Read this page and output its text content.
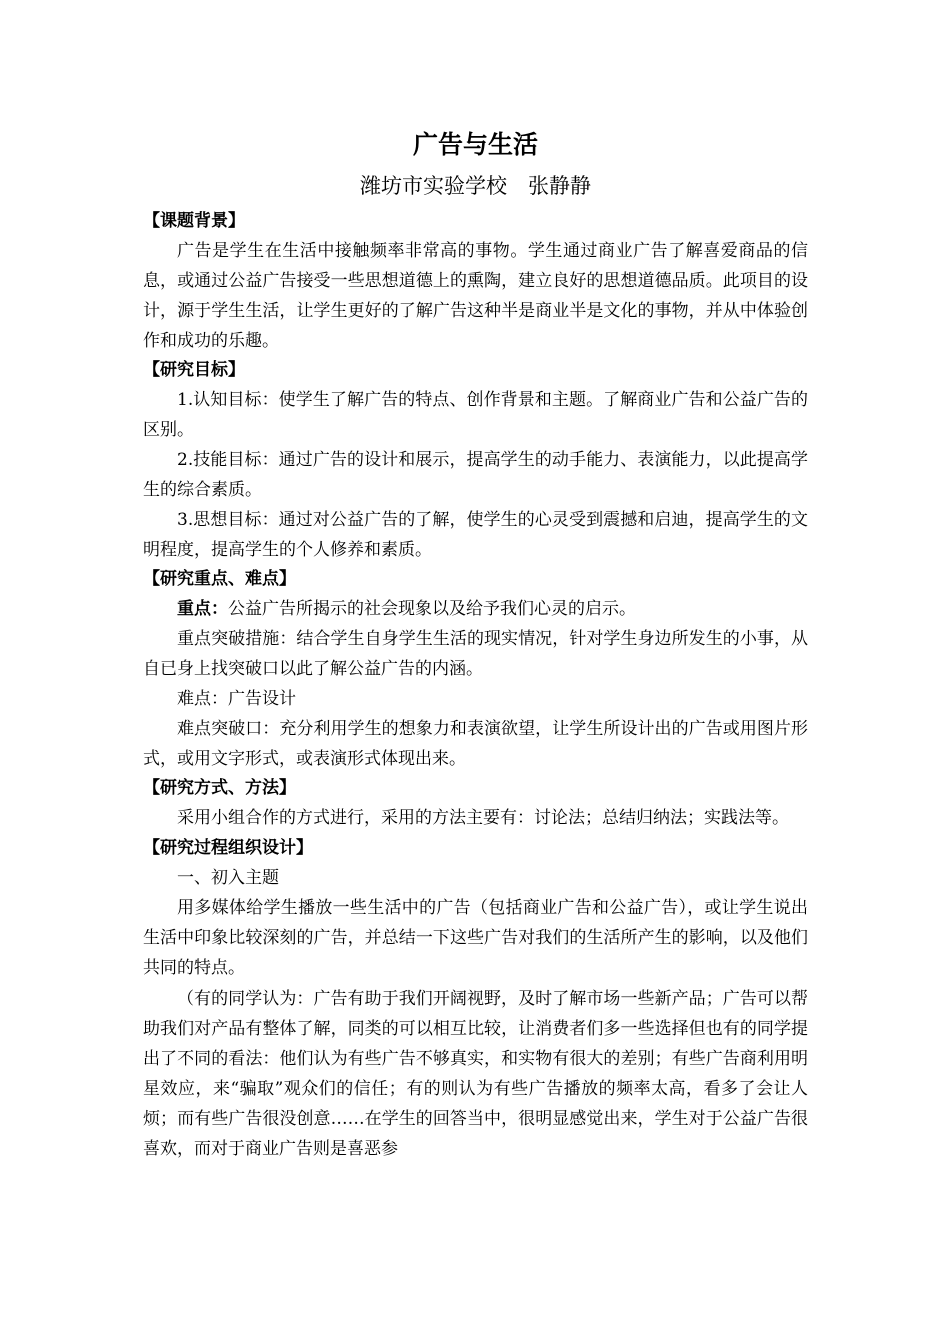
广告与生活

潍坊市实验学校　张静静

【课题背景】

广告是学生在生活中接触频率非常高的事物。学生通过商业广告了解喜爱商品的信息，或通过公益广告接受一些思想道德上的熏陶，建立良好的思想道德品质。此项目的设计，源于学生生活，让学生更好的了解广告这种半是商业半是文化的事物，并从中体验创作和成功的乐趣。

【研究目标】

1.认知目标：使学生了解广告的特点、创作背景和主题。了解商业广告和公益广告的区别。

2.技能目标：通过广告的设计和展示，提高学生的动手能力、表演能力，以此提高学生的综合素质。

3.思想目标：通过对公益广告的了解，使学生的心灵受到震撼和启迪，提高学生的文明程度，提高学生的个人修养和素质。

【研究重点、难点】

重点：公益广告所揭示的社会现象以及给予我们心灵的启示。

重点突破措施：结合学生自身学生生活的现实情况，针对学生身边所发生的小事，从自已身上找突破口以此了解公益广告的内涵。

难点：广告设计

难点突破口：充分利用学生的想象力和表演欲望，让学生所设计出的广告或用图片形式，或用文字形式，或表演形式体现出来。

【研究方式、方法】

采用小组合作的方式进行，采用的方法主要有：讨论法；总结归纳法；实践法等。

【研究过程组织设计】

一、初入主题

用多媒体给学生播放一些生活中的广告（包括商业广告和公益广告），或让学生说出生活中印象比较深刻的广告，并总结一下这些广告对我们的生活所产生的影响，以及他们共同的特点。

（有的同学认为：广告有助于我们开阔视野，及时了解市场一些新产品；广告可以帮助我们对产品有整体了解，同类的可以相互比较，让消费者们多一些选择但也有的同学提出了不同的看法：他们认为有些广告不够真实，和实物有很大的差别；有些广告商利用明星效应，来“骗取”观众们的信任；有的则认为有些广告播放的频率太高，看多了会让人烦；而有些广告很没创意……在学生的回答当中，很明显感觉出来，学生对于公益广告很喜欢，而对于商业广告则是喜恶参
